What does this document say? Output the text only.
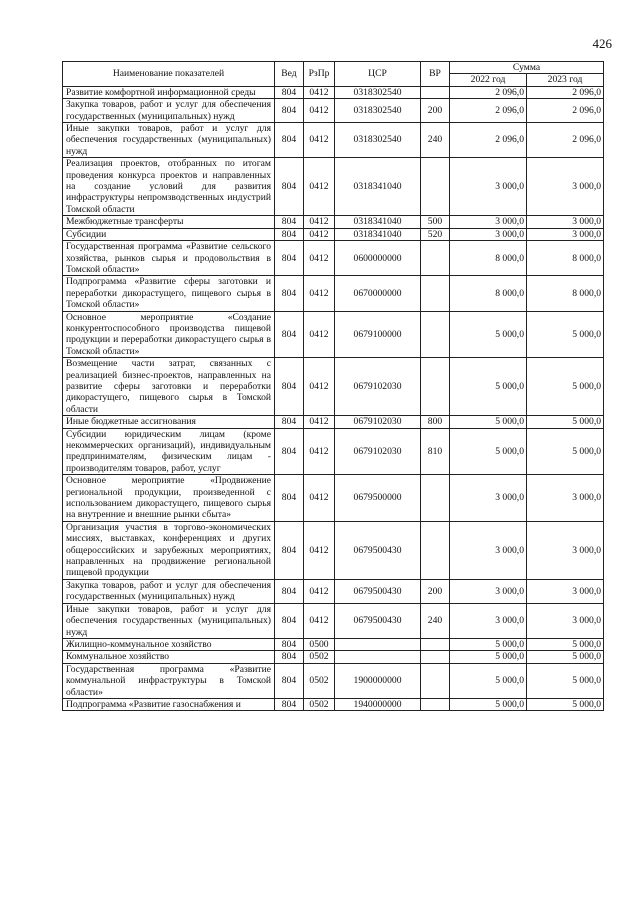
426
Наименование показателей	Вед	РзПр	ЦСР	ВР	Сумма	
					2022 год	2023 год
Развитие комфортной информационной среды	804	0412	0318302540		2 096,0	2 096,0
Закупка товаров, работ и услуг для обеспечения государственных (муниципальных) нужд	804	0412	0318302540	200	2 096,0	2 096,0
Иные закупки товаров, работ и услуг для обеспечения государственных (муниципальных) нужд	804	0412	0318302540	240	2 096,0	2 096,0
Реализация проектов, отобранных по итогам проведения конкурса проектов и направленных на создание условий для развития инфраструктуры непромзводственных индустрий Томской области	804	0412	0318341040		3 000,0	3 000,0
Межбюджетные трансферты	804	0412	0318341040	500	3 000,0	3 000,0
Субсидии	804	0412	0318341040	520	3 000,0	3 000,0
Государственная программа «Развитие сельского хозяйства, рынков сырья и продовольствия в Томской области»	804	0412	0600000000		8 000,0	8 000,0
Подпрограмма «Развитие сферы заготовки и переработки дикорастущего, пищевого сырья в Томской области»	804	0412	0670000000		8 000,0	8 000,0
Основное мероприятие «Создание конкурентоспособного производства пищевой продукции и переработки дикорастущего сырья в Томской области»	804	0412	0679100000		5 000,0	5 000,0
Возмещение части затрат, связанных с реализацией бизнес-проектов, направленных на развитие сферы заготовки и переработки дикорастущего, пищевого сырья в Томской области	804	0412	0679102030		5 000,0	5 000,0
Иные бюджетные ассигнования	804	0412	0679102030	800	5 000,0	5 000,0
Субсидии юридическим лицам (кроме некоммерческих организаций), индивидуальным предпринимателям, физическим лицам - производителям товаров, работ, услуг	804	0412	0679102030	810	5 000,0	5 000,0
Основное мероприятие «Продвижение региональной продукции, произведенной с использованием дикорастущего, пищевого сырья на внутренние и внешние рынки сбыта»	804	0412	0679500000		3 000,0	3 000,0
Организация участия в торгово-экономических миссиях, выставках, конференциях и других общероссийских и зарубежных мероприятиях, направленных на продвижение региональной пищевой продукции	804	0412	0679500430		3 000,0	3 000,0
Закупка товаров, работ и услуг для обеспечения государственных (муниципальных) нужд	804	0412	0679500430	200	3 000,0	3 000,0
Иные закупки товаров, работ и услуг для обеспечения государственных (муниципальных) нужд	804	0412	0679500430	240	3 000,0	3 000,0
Жилищно-коммунальное хозяйство	804	0500			5 000,0	5 000,0
Коммунальное хозяйство	804	0502			5 000,0	5 000,0
Государственная программа «Развитие коммунальной инфраструктуры в Томской области»	804	0502	1900000000		5 000,0	5 000,0
Подпрограмма «Развитие газоснабжения и	804	0502	1940000000		5 000,0	5 000,0
